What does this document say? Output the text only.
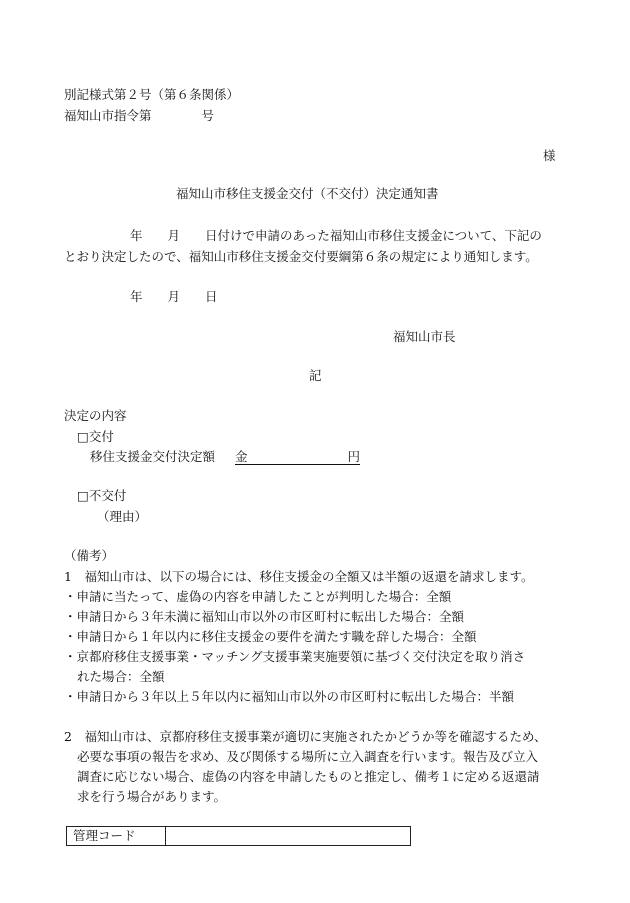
別記様式第２号（第６条関係）
福知山市指令第　　　　号
様
福知山市移住支援金交付（不交付）決定通知書
年　　月　　日付けで申請のあった福知山市移住支援金について、下記の
とおり決定したので、福知山市移住支援金交付要綱第６条の規定により通知します。
年　　月　　日
福知山市長
記
決定の内容
□交付
移住支援金交付決定額 金　　　　　　　　円
□不交付
（理由）
（備考）
1　福知山市は、以下の場合には、移住支援金の全額又は半額の返還を請求します。
・申請に当たって、虚偽の内容を申請したことが判明した場合：全額
・申請日から３年未満に福知山市以外の市区町村に転出した場合：全額
・申請日から１年以内に移住支援金の要件を満たす職を辞した場合：全額
・京都府移住支援事業・マッチング支援事業実施要領に基づく交付決定を取り消さ
れた場合：全額
・申請日から３年以上５年以内に福知山市以外の市区町村に転出した場合：半額
2　福知山市は、京都府移住支援事業が適切に実施されたかどうか等を確認するため、
必要な事項の報告を求め、及び関係する場所に立入調査を行います。報告及び立入
調査に応じない場合、虚偽の内容を申請したものと推定し、備考１に定める返還請
求を行う場合があります。
管理コード	
